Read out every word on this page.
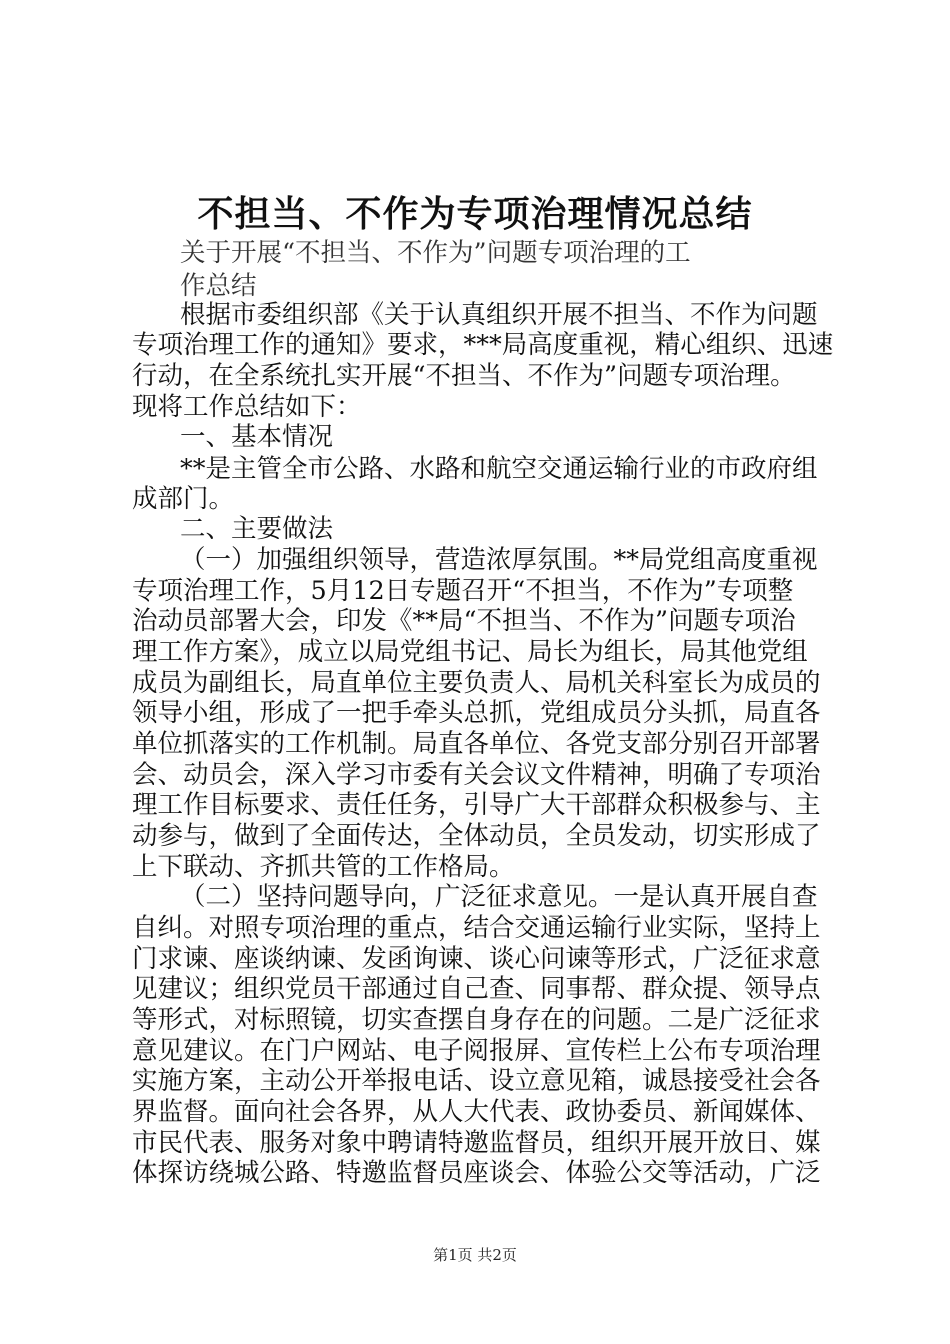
不担当、不作为专项治理情况总结
关于开展“不担当、不作为”问题专项治理的工
作总结
根据市委组织部《关于认真组织开展不担当、不作为问题
专项治理工作的通知》要求，***局高度重视，精心组织、迅速
行动，在全系统扎实开展“不担当、不作为”问题专项治理。
现将工作总结如下：
一、基本情况
**是主管全市公路、水路和航空交通运输行业的市政府组
成部门。
二、主要做法
（一）加强组织领导，营造浓厚氛围。**局党组高度重视
专项治理工作，5月12日专题召开“不担当，不作为”专项整
治动员部署大会，印发《**局“不担当、不作为”问题专项治
理工作方案》，成立以局党组书记、局长为组长，局其他党组
成员为副组长，局直单位主要负责人、局机关科室长为成员的
领导小组，形成了一把手牵头总抓，党组成员分头抓，局直各
单位抓落实的工作机制。局直各单位、各党支部分别召开部署
会、动员会，深入学习市委有关会议文件精神，明确了专项治
理工作目标要求、责任任务，引导广大干部群众积极参与、主
动参与，做到了全面传达，全体动员，全员发动，切实形成了
上下联动、齐抓共管的工作格局。
（二）坚持问题导向，广泛征求意见。一是认真开展自查
自纠。对照专项治理的重点，结合交通运输行业实际，坚持上
门求谏、座谈纳谏、发函询谏、谈心问谏等形式，广泛征求意
见建议；组织党员干部通过自己查、同事帮、群众提、领导点
等形式，对标照镜，切实查摆自身存在的问题。二是广泛征求
意见建议。在门户网站、电子阅报屏、宣传栏上公布专项治理
实施方案，主动公开举报电话、设立意见箱，诚恳接受社会各
界监督。面向社会各界，从人大代表、政协委员、新闻媒体、
市民代表、服务对象中聘请特邀监督员，组织开展开放日、媒
体探访绕城公路、特邀监督员座谈会、体验公交等活动，广泛
第1页 共2页
